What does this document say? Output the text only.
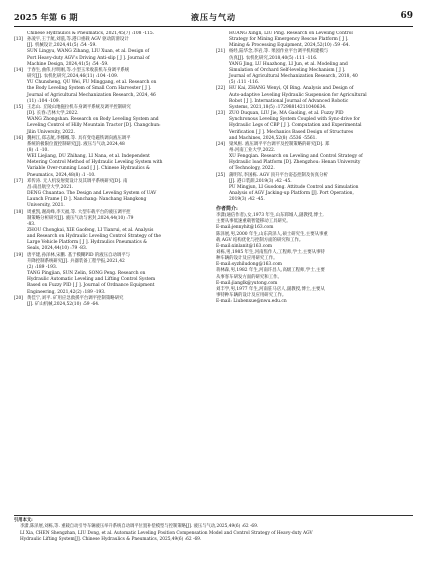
2025 年第 6 期	液压与气动	69
Chinese Hydraulics & Pneumatics, 2021,45(7) :108 -115.
[13] 孙凌宇,王于航,刘蒗,等.港口重载 AGV 驱动防滑设计
[J]. 机械设计,2024,41(5) :54 -59.
SUN Lingyu, WANG Zihang, LIU Xuan, et al. Design of
Port Heavy-duty AGV's Driving Anti-slip [ J ]. Journal of
Machine Design, 2024,41(5) :54 -59.
[14] 于春生,曲伟,付明刚,等.小型玉米收获机车身调平系统
研究[J]. 农机化研究,2024,46(11) :104 -109.
YU Chunsheng, QU Wei, FU Minggang, et al. Research on
the Body Leveling System of Small Corn Harvester [ J ].
Journal of Agricultural Mechanization Research, 2024, 46
(11) :104 -109.
[15] 王忠山. 丘陵山地拖拉机车身调平系统及调平控制研究
[D]. 长春:吉林大学,2022.
WANG Zhongshan. Research on Body Leveling System and
Leveling Control of Hilly Mountain Tractor [D]. Changchun:
Jilin University, 2022.
[16] 魏柯江,郑志航,李娜娜,等. 具有变电磁铁调向液压调平
系统的极限位置控制研究[J]. 液压与气动,2024,48
(8) :1 -10.
WEI Liejiang, DU Zhihang, LI Nana, et al. Independent
Metering Control Method of Hydraulic Leveling System with
Variable Over-running Load [ J ]. Chinese Hydraulics &
Pneumatics, 2024,48(8) :1 -10.
[17] 邓传涛. 无人机发射架设计及其调平系统研究[D]. 南
昌:南昌航空大学,2021.
DENG Chuantao. The Design and Leveling System of UAV
Launch Frame [ D ]. Nanchang: Nanchang Hangkong
University, 2021.
[18] 周重凯,谢高峰,李天福,等. 大型车载平台的液压调平控
制策略分析研究[J]. 液压气动与密封,2024,44(10) :79
-83.
ZHOU Chongkai, XIE Gaofeng, LI Tianrui, et al. Analysis
and Research on Hydraulic Leveling Control Strategy of the
Large Vehicle Platform [ J ]. Hydraulics Pneumatics &
Seals, 2024,44(10) :79 -83.
[19] 唐平建,孙泽林,宋鹏. 基于模糊PID 的液压自动调平与
升降控制系统研究[J]. 兵器装备工程学报,2021,42
(2) :189 -193.
TANG Pingjian, SUN Zelin, SONG Peng. Research on
Hydraulic Automatic Leveling and Lifting Control System
Based on Fuzzy PID [ J ]. Journal of Ordnance Equipment
Engineering, 2021,42(2) :189 -193.
[20] 黄佳宁,刘平. 矿用应急救援平台调平控制策略研究
[J]. 矿山机械,2024,52(10) :59 -64.
HUANG Xingli, LIU Ping. Research on Leveling Control
Strategy for Mining Emergency Rescue Platform [ J ].
Mining & Processing Equipment, 2024,52(10) :59 -64.
[21] 杨经,陆华念,李岩,等. 果园作业平台调平机构建模与
仿真[J]. 农机化研究,2018,40(5) :111 -116.
YANG Jing, LU Huazhong, LI Jun, et al. Modeling and
Simulation of Orchard Self-leveling Mechanism [ J ].
Journal of Agricultural Mechanization Research, 2018, 40
(5) :111 -116.
[22] HU Kai, ZHANG Wenyi, QI Bing. Analysis and Design of
Auto-adaptive Leveling Hydraulic Suspension for Agricultural
Robot [ J ]. International Journal of Advanced Robotic
Systems, 2021,18(5) :17298814211040634.
[23] ZUO Duquan, LIU Jie, MA Gaoling, et al. Fuzzy PID
Synchronous Leveling System Coupled with Sync-drive for
Hydraulic Legs of CBP [ J ]. Computation and Experimental
Verification [ J ]. Mechanics Based Design of Structures
and Machines, 2024,52(8) :5536 -5561.
[24] 梁凤枢. 液压调平平台调平及控制策略的研究[D]. 郑
州:河南工业大学,2022.
XU Fengqian. Research on Leveling and Control Strategy of
Hydraulic load Platform [D]. Zhengzhou: Henan University
of Technology, 2022.
[25] 蒲明军,李国栋. AGV 顶升平台姿态控制及仿真分析
[J]. 港口装卸,2019(3) :42 -45.
PU Mingjun, LI Guodong. Attitude Control and Simulation
Analysis of AGV Jacking-up Platform [J]. Port Operation,
2019(3) :42 -45.
作者简介:
李潇(通信作者),女,1973 年生,山东郓城人,副教授,博士,
主要从事低速重载智能移动工具研究。
E-mail:jennyhit@163.com
陈泽展,男,2000 年生,山东菏泽人,硕士研究生,主要从事重
载 AGV 结构优化与控制方面的研究和工作。
E-mail:xinlanit@163.com
刘栋,男,1985 年生,河南焦作人,工程师,学士,主要从事特
种车辆的设计及应用研究工作。
E-mail:syzhiludong@163.com
蒋林森,男,1982 年生,河南许昌人,高级工程师,学士,主要
从事客车研发方面的研究和工作。
E-mail:jianglk@yutong.com
刘丰学,男,1977 年生,河南驻马店人,副教授,博士,主要从
事特种车辆的设计及应用研究工作。
E-mail: Liubenxue@nwu.edu.cn
引用本文:
李潇,陈泽展,刘栋,等. 重载自动引导车辆液压举升系统自动调平位置补偿模型与控制策略[J]. 液压与气动,2025,49(6) :62 -69.
LI Xia, CHEN Shengzhan, LIU Dong, et al. Automatic Leveling Position Compensation Model and Control Strategy of Heavy-duty AGV
Hydraulic Lifting System[J]. Chinese Hydraulics & Pneumatics, 2025,49(6) :62 -69.
